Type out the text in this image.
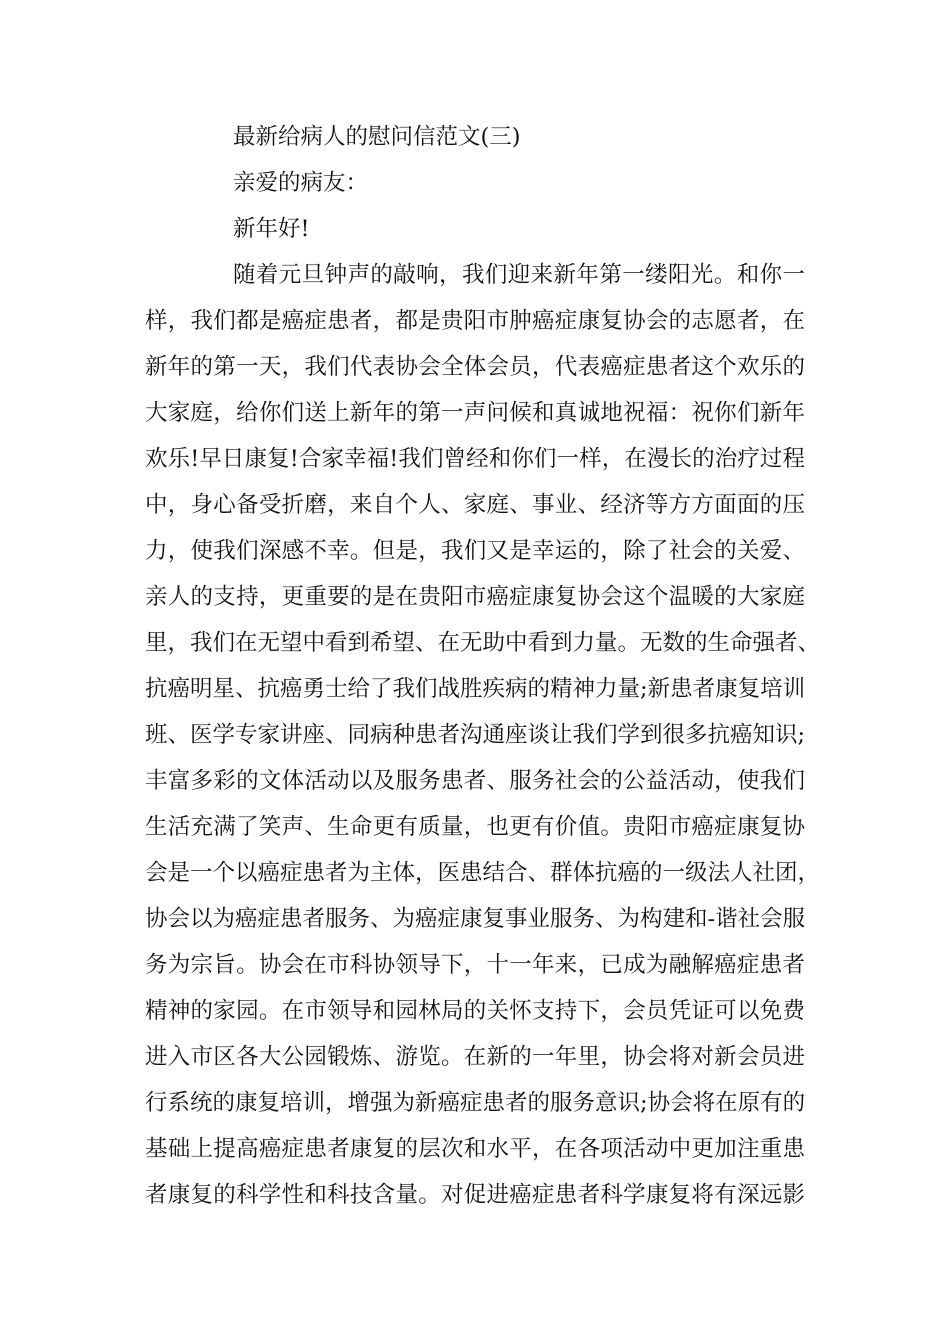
最新给病人的慰问信范文(三)
亲爱的病友：
新年好!
随着元旦钟声的敲响，我们迎来新年第一缕阳光。和你一
样，我们都是癌症患者，都是贵阳市肿癌症康复协会的志愿者，在
新年的第一天，我们代表协会全体会员，代表癌症患者这个欢乐的
大家庭，给你们送上新年的第一声问候和真诚地祝福：祝你们新年
欢乐!早日康复!合家幸福!我们曾经和你们一样，在漫长的治疗过程
中，身心备受折磨，来自个人、家庭、事业、经济等方方面面的压
力，使我们深感不幸。但是，我们又是幸运的，除了社会的关爱、
亲人的支持，更重要的是在贵阳市癌症康复协会这个温暖的大家庭
里，我们在无望中看到希望、在无助中看到力量。无数的生命强者、
抗癌明星、抗癌勇士给了我们战胜疾病的精神力量;新患者康复培训
班、医学专家讲座、同病种患者沟通座谈让我们学到很多抗癌知识;
丰富多彩的文体活动以及服务患者、服务社会的公益活动，使我们
生活充满了笑声、生命更有质量，也更有价值。贵阳市癌症康复协
会是一个以癌症患者为主体，医患结合、群体抗癌的一级法人社团，
协会以为癌症患者服务、为癌症康复事业服务、为构建和-谐社会服
务为宗旨。协会在市科协领导下，十一年来，已成为融解癌症患者
精神的家园。在市领导和园林局的关怀支持下，会员凭证可以免费
进入市区各大公园锻炼、游览。在新的一年里，协会将对新会员进
行系统的康复培训，增强为新癌症患者的服务意识;协会将在原有的
基础上提高癌症患者康复的层次和水平，在各项活动中更加注重患
者康复的科学性和科技含量。对促进癌症患者科学康复将有深远影
